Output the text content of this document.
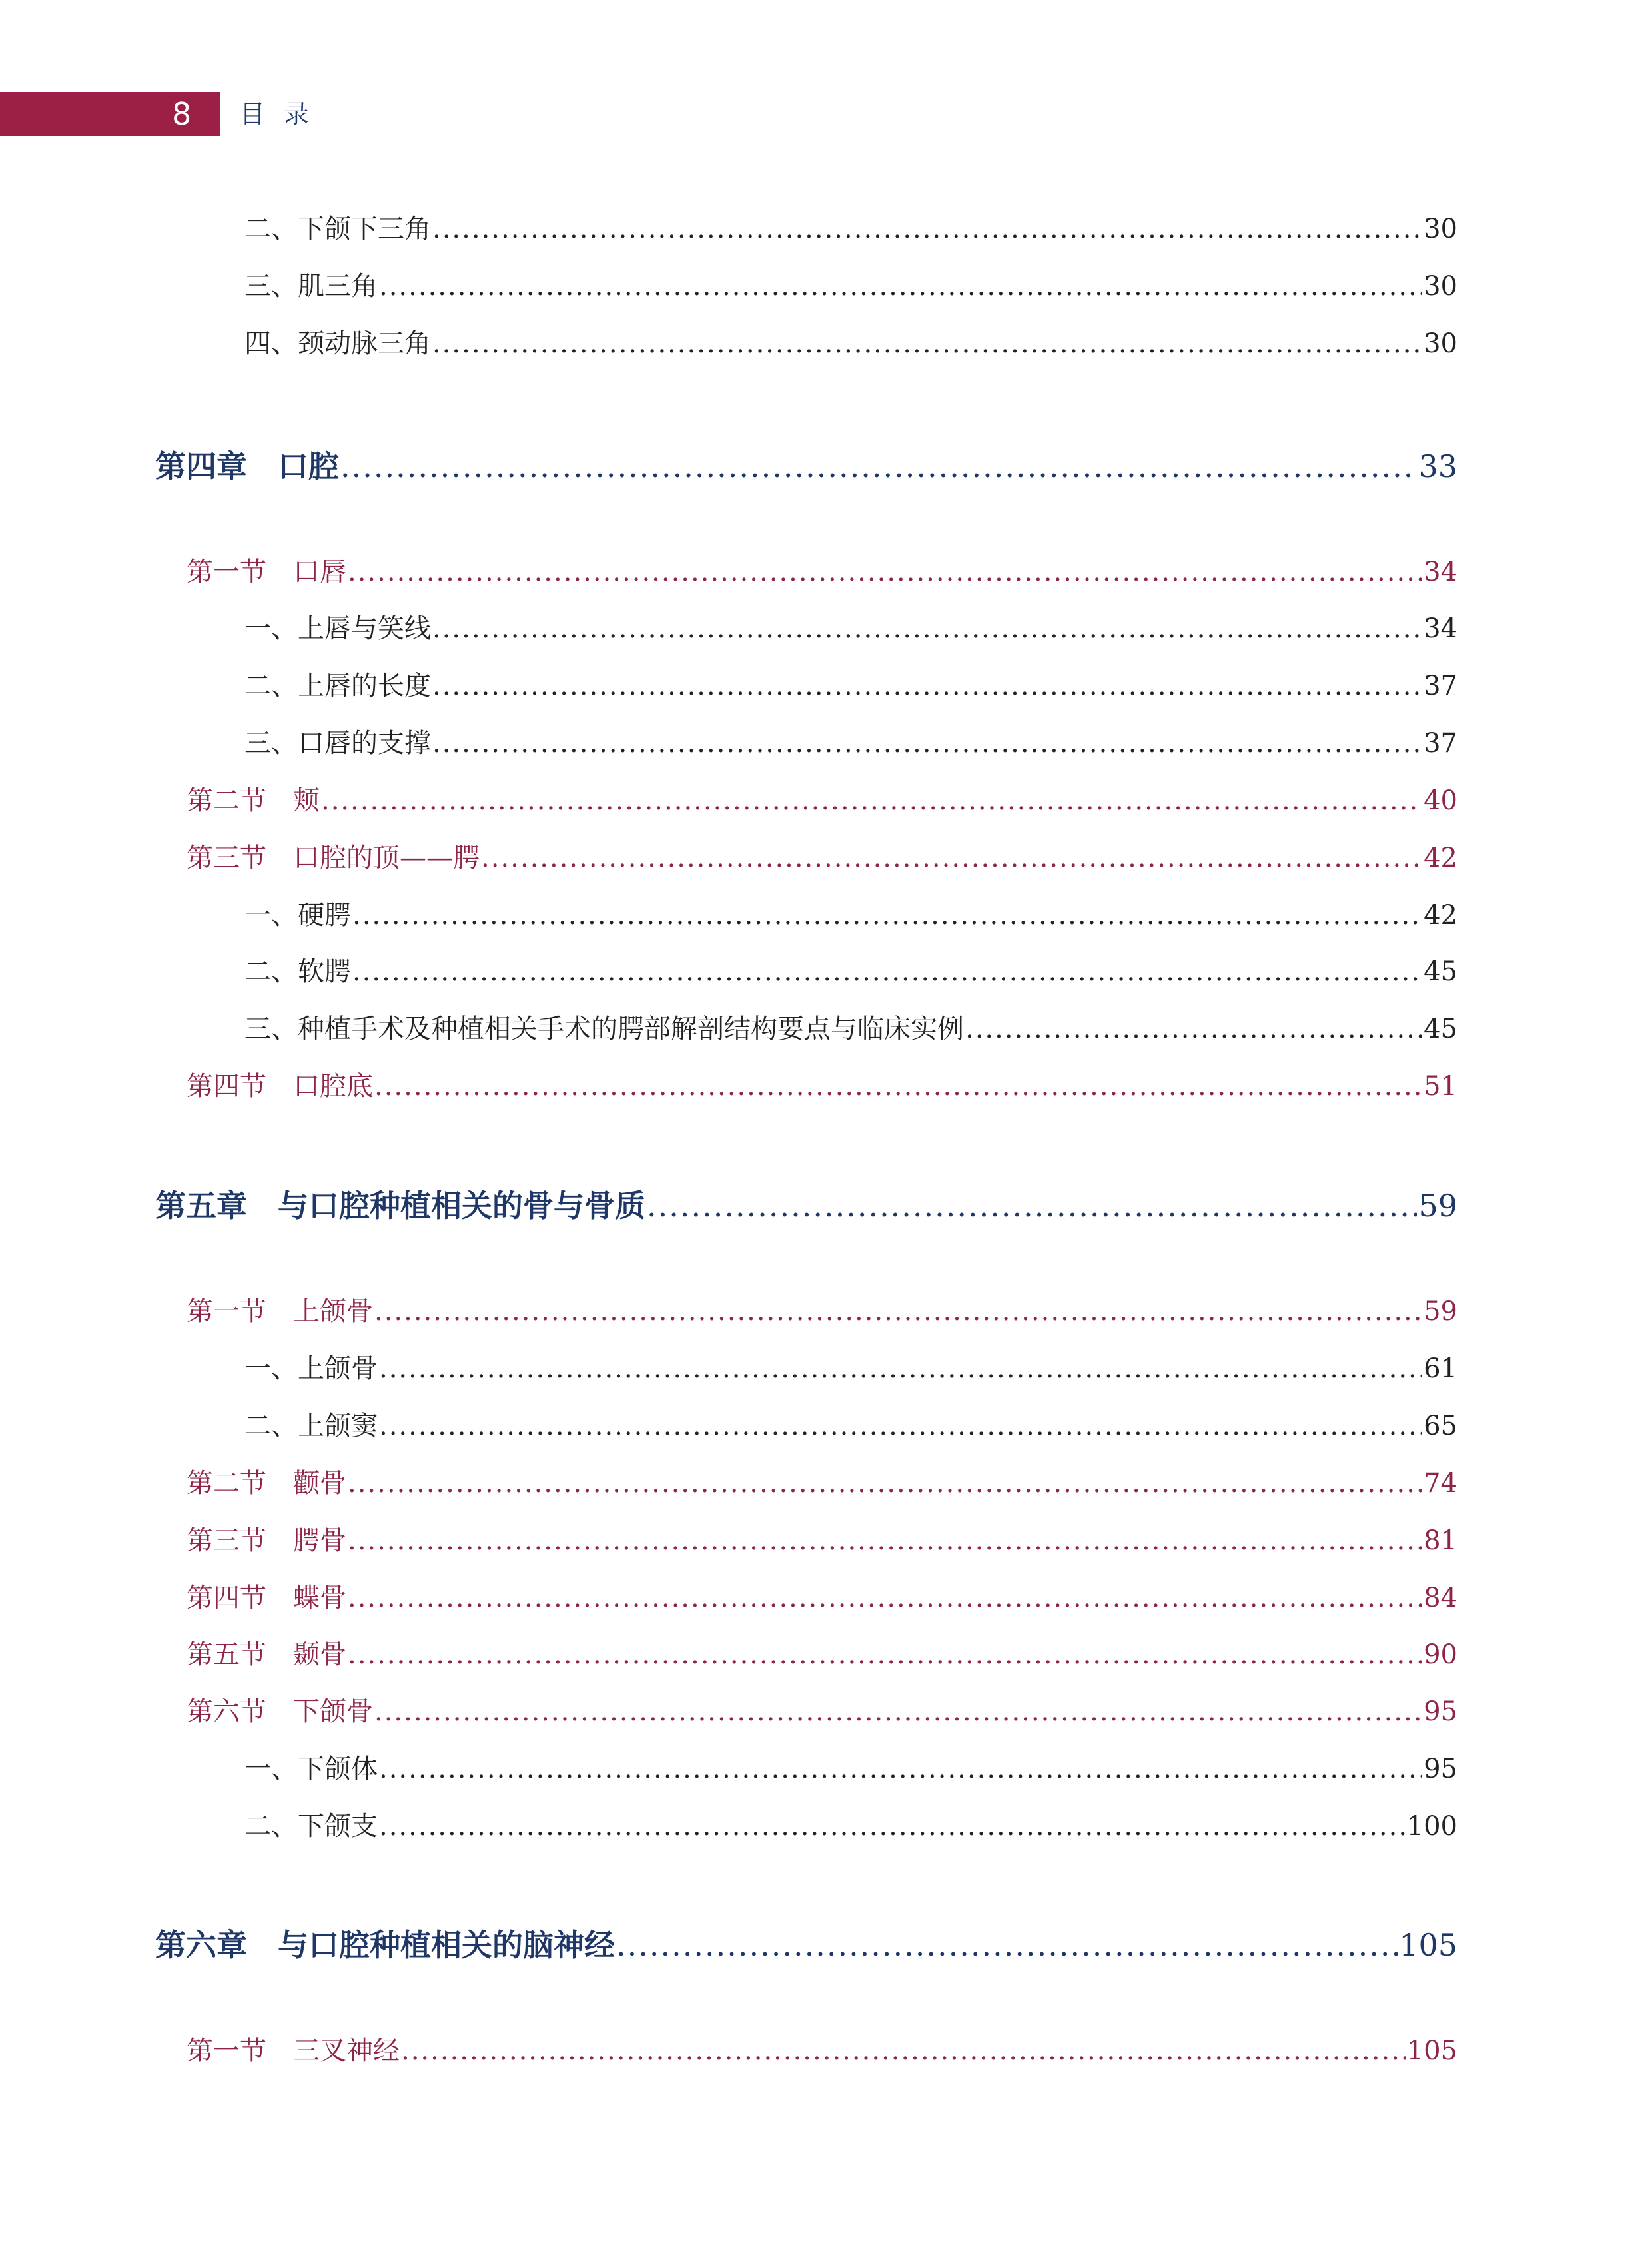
8 目录
二、下颌下三角 .....	30
三、肌三角 .....	30
四、颈动脉三角 .....	30
第四章　口腔 .....	33
第一节　口唇 .....	34
一、上唇与笑线 .....	34
二、上唇的长度 .....	37
三、口唇的支撑 .....	37
第二节　颊 .....	40
第三节　口腔的顶——腭 .....	42
一、硬腭 .....	42
二、软腭 .....	45
三、种植手术及种植相关手术的腭部解剖结构要点与临床实例 .....	45
第四节　口腔底 .....	51
第五章　与口腔种植相关的骨与骨质 .....	59
第一节　上颌骨 .....	59
一、上颌骨 .....	61
二、上颌窦 .....	65
第二节　颧骨 .....	74
第三节　腭骨 .....	81
第四节　蝶骨 .....	84
第五节　颞骨 .....	90
第六节　下颌骨 .....	95
一、下颌体 .....	95
二、下颌支 .....	100
第六章　与口腔种植相关的脑神经 .....	105
第一节　三叉神经 .....	105
